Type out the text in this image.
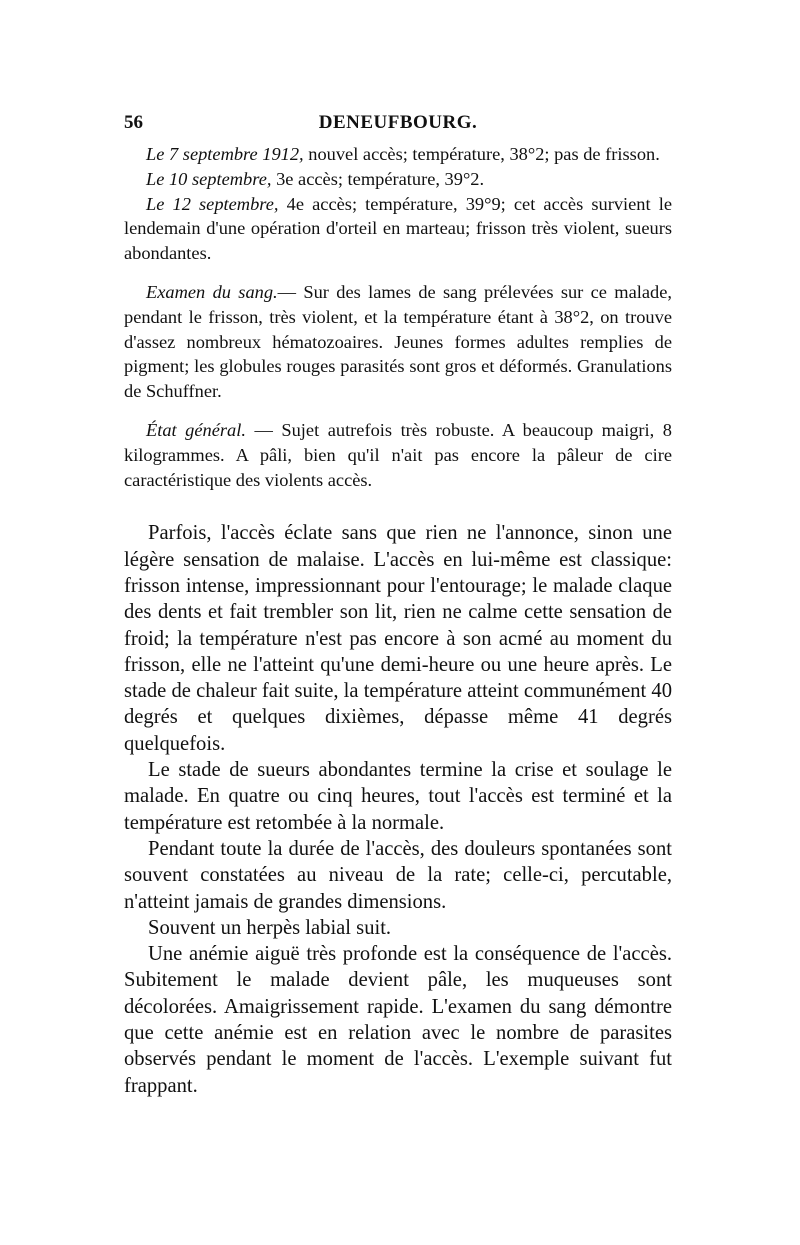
56	DENEUFBOURG.

Le 7 septembre 1912, nouvel accès; température, 38°2; pas de frisson.

Le 10 septembre, 3e accès; température, 39°2.

Le 12 septembre, 4e accès; température, 39°9; cet accès survient le lendemain d'une opération d'orteil en marteau; frisson très violent, sueurs abondantes.

Examen du sang.— Sur des lames de sang prélevées sur ce malade, pendant le frisson, très violent, et la température étant à 38°2, on trouve d'assez nombreux hématozoaires. Jeunes formes adultes remplies de pigment; les globules rouges parasités sont gros et déformés. Granulations de Schuffner.

État général. — Sujet autrefois très robuste. A beaucoup maigri, 8 kilogrammes. A pâli, bien qu'il n'ait pas encore la pâleur de cire caractéristique des violents accès.

Parfois, l'accès éclate sans que rien ne l'annonce, sinon une légère sensation de malaise. L'accès en lui-même est classique: frisson intense, impressionnant pour l'entourage; le malade claque des dents et fait trembler son lit, rien ne calme cette sensation de froid; la température n'est pas encore à son acmé au moment du frisson, elle ne l'atteint qu'une demi-heure ou une heure après. Le stade de chaleur fait suite, la température atteint communément 40 degrés et quelques dixièmes, dépasse même 41 degrés quelquefois.

Le stade de sueurs abondantes termine la crise et soulage le malade. En quatre ou cinq heures, tout l'accès est terminé et la température est retombée à la normale.

Pendant toute la durée de l'accès, des douleurs spontanées sont souvent constatées au niveau de la rate; celle-ci, percutable, n'atteint jamais de grandes dimensions.

Souvent un herpès labial suit.

Une anémie aiguë très profonde est la conséquence de l'accès. Subitement le malade devient pâle, les muqueuses sont décolorées. Amaigrissement rapide. L'examen du sang démontre que cette anémie est en relation avec le nombre de parasites observés pendant le moment de l'accès. L'exemple suivant fut frappant.
